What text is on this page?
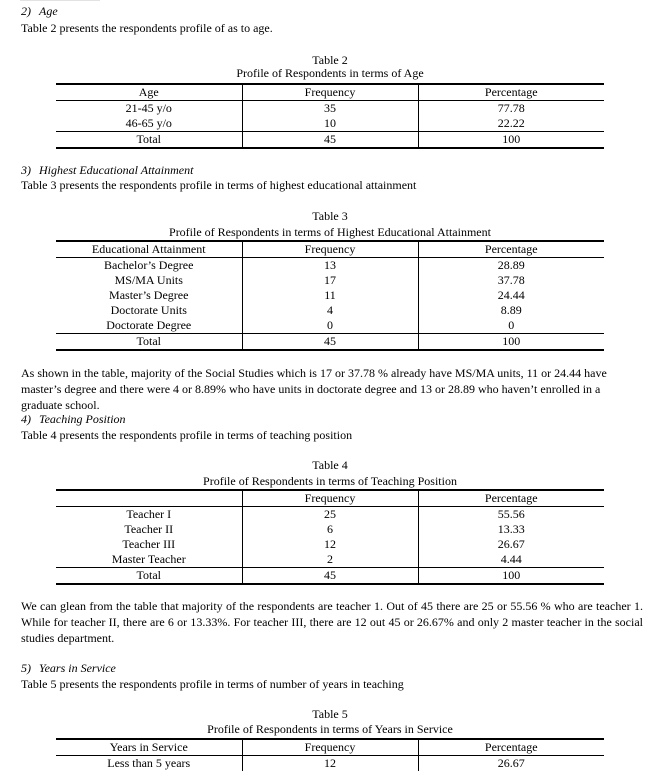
2) Age
Table 2 presents the respondents profile of as to age.
Table 2
Profile of Respondents in terms of Age
Age	Frequency	Percentage
21-45 y/o	35	77.78
46-65 y/o	10	22.22
Total	45	100
3) Highest Educational Attainment
Table 3 presents the respondents profile in terms of highest educational attainment
Table 3
Profile of Respondents in terms of Highest Educational Attainment
Educational Attainment	Frequency	Percentage
Bachelor’s Degree	13	28.89
MS/MA Units	17	37.78
Master’s Degree	11	24.44
Doctorate Units	4	8.89
Doctorate Degree	0	0
Total	45	100
As shown in the table, majority of the Social Studies which is 17 or 37.78 % already have MS/MA units, 11 or 24.44 have master’s degree and there were 4 or 8.89% who have units in doctorate degree and 13 or 28.89 who haven’t enrolled in a graduate school.
4) Teaching Position
Table 4 presents the respondents profile in terms of teaching position
Table 4
Profile of Respondents in terms of Teaching Position
	Frequency	Percentage
Teacher I	25	55.56
Teacher II	6	13.33
Teacher III	12	26.67
Master Teacher	2	4.44
Total	45	100
We can glean from the table that majority of the respondents are teacher 1. Out of 45 there are 25 or 55.56 % who are teacher 1. While for teacher II, there are 6 or 13.33%. For teacher III, there are 12 out 45 or 26.67% and only 2 master teacher in the social studies department.
5) Years in Service
Table 5 presents the respondents profile in terms of number of years in teaching
Table 5
Profile of Respondents in terms of Years in Service
Years in Service	Frequency	Percentage
Less than 5 years	12	26.67
